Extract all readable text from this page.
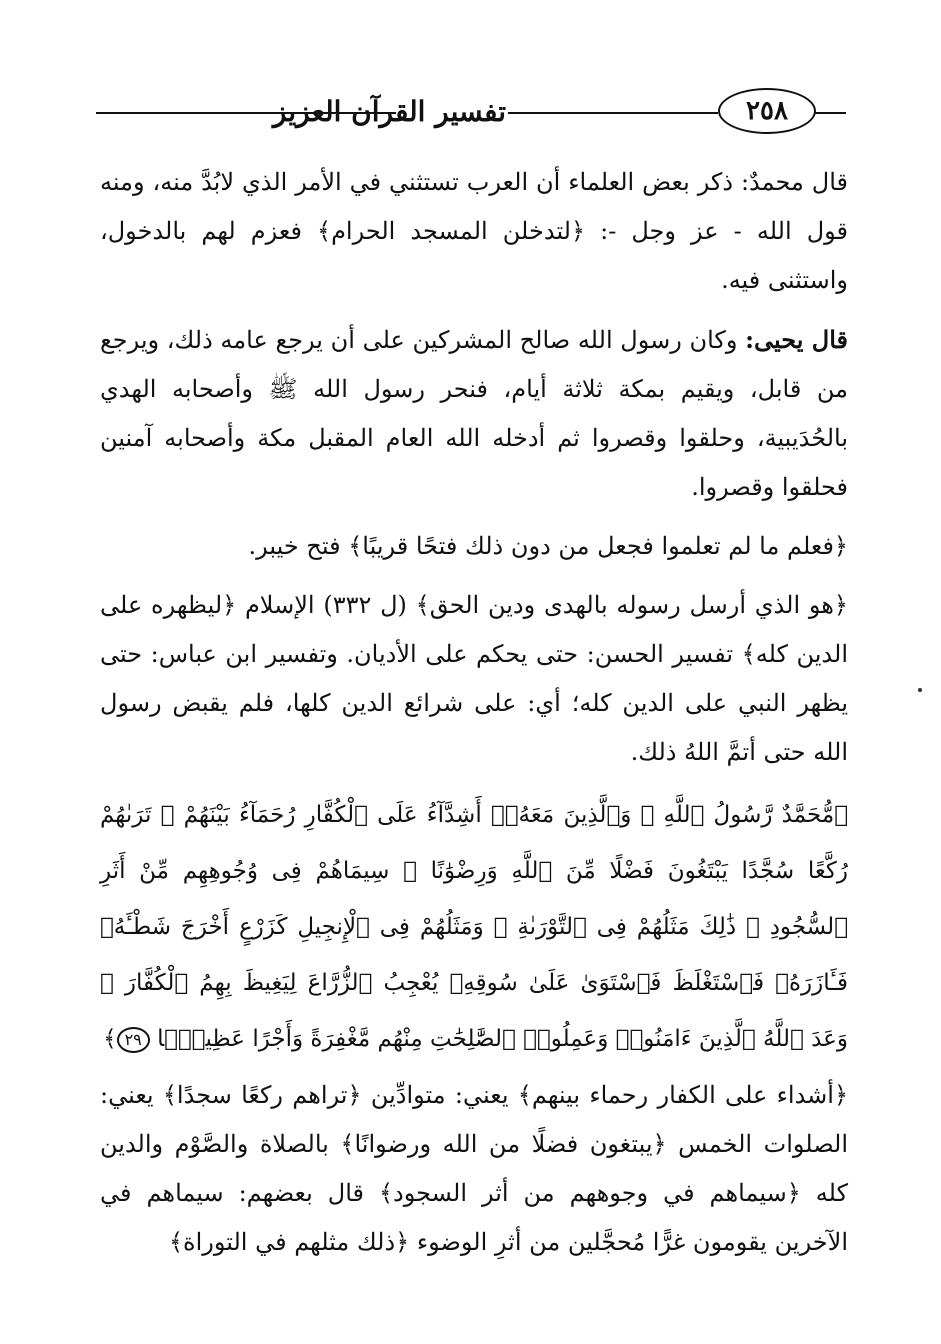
تفسير القرآن العزيز	٢٥٨

قال محمدٌ: ذكر بعض العلماء أن العرب تستثني في الأمر الذي لابُدَّ منه، ومنه قول الله - عز وجل -: ﴿لتدخلن المسجد الحرام﴾ فعزم لهم بالدخول، واستثنى فيه.

قال يحيى: وكان رسول الله صالح المشركين على أن يرجع عامه ذلك، ويرجع من قابل، ويقيم بمكة ثلاثة أيام، فنحر رسول الله ﷺ وأصحابه الهدي بالحُدَيبية، وحلقوا وقصروا ثم أدخله الله العام المقبل مكة وأصحابه آمنين فحلقوا وقصروا.

﴿فعلم ما لم تعلموا فجعل من دون ذلك فتحًا قريبًا﴾ فتح خيبر.

﴿هو الذي أرسل رسوله بالهدى ودين الحق﴾ (ل ٣٣٢) الإسلام ﴿ليظهره على الدين كله﴾ تفسير الحسن: حتى يحكم على الأديان. وتفسير ابن عباس: حتى يظهر النبي على الدين كله؛ أي: على شرائع الدين كلها، فلم يقبض رسول الله حتى أتمَّ اللهُ ذلك.

﴿مُّحَمَّدٌ رَّسُولُ ٱللَّهِ ۚ وَٱلَّذِينَ مَعَهُۥٓ أَشِدَّآءُ عَلَى ٱلْكُفَّارِ رُحَمَآءُ بَيْنَهُمْ ۖ تَرَىٰهُمْ رُكَّعًا سُجَّدًا يَبْتَغُونَ فَضْلًا مِّنَ ٱللَّهِ وَرِضْوَٰنًا ۖ سِيمَاهُمْ فِى وُجُوهِهِم مِّنْ أَثَرِ ٱلسُّجُودِ ۚ ذَٰلِكَ مَثَلُهُمْ فِى ٱلتَّوْرَىٰةِ ۚ وَمَثَلُهُمْ فِى ٱلْإِنجِيلِ كَزَرْعٍ أَخْرَجَ شَطْـَٔهُۥ فَـَٔازَرَهُۥ فَٱسْتَغْلَظَ فَٱسْتَوَىٰ عَلَىٰ سُوقِهِۦ يُعْجِبُ ٱلزُّرَّاعَ لِيَغِيظَ بِهِمُ ٱلْكُفَّارَ ۗ وَعَدَ ٱللَّهُ ٱلَّذِينَ ءَامَنُوا۟ وَعَمِلُوا۟ ٱلصَّٰلِحَٰتِ مِنْهُم مَّغْفِرَةً وَأَجْرًا عَظِيمًۢا ٢٩﴾

﴿أشداء على الكفار رحماء بينهم﴾ يعني: متوادِّين ﴿تراهم ركعًا سجدًا﴾ يعني: الصلوات الخمس ﴿يبتغون فضلًا من الله ورضوانًا﴾ بالصلاة والصَّوْم والدين كله ﴿سيماهم في وجوههم من أثر السجود﴾ قال بعضهم: سيماهم في الآخرين يقومون غرًّا مُحجَّلين من أثرِ الوضوء ﴿ذلك مثلهم في التوراة﴾
